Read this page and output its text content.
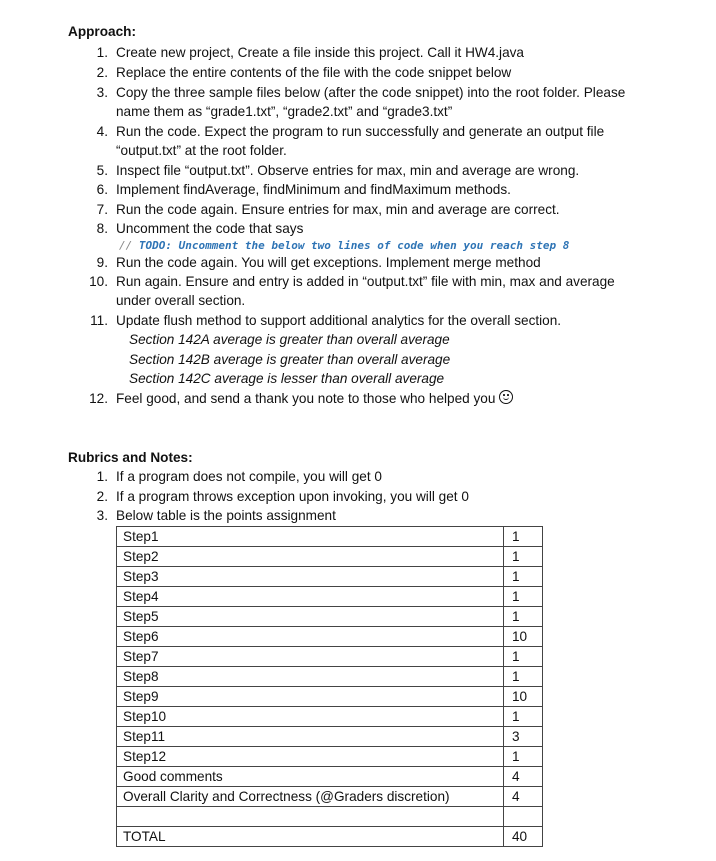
Approach:
1. Create new project, Create a file inside this project. Call it HW4.java
2. Replace the entire contents of the file with the code snippet below
3. Copy the three sample files below (after the code snippet) into the root folder. Please
name them as “grade1.txt”, “grade2.txt” and “grade3.txt”
4. Run the code. Expect the program to run successfully and generate an output file
“output.txt” at the root folder.
5. Inspect file “output.txt”. Observe entries for max, min and average are wrong.
6. Implement findAverage, findMinimum and findMaximum methods.
7. Run the code again. Ensure entries for max, min and average are correct.
8. Uncomment the code that says
// TODO: Uncomment the below two lines of code when you reach step 8
9. Run the code again. You will get exceptions. Implement merge method
10. Run again. Ensure and entry is added in “output.txt” file with min, max and average
under overall section.
11. Update flush method to support additional analytics for the overall section.
Section 142A average is greater than overall average
Section 142B average is greater than overall average
Section 142C average is lesser than overall average
12. Feel good, and send a thank you note to those who helped you
Rubrics and Notes:
1. If a program does not compile, you will get 0
2. If a program throws exception upon invoking, you will get 0
3. Below table is the points assignment
Step1	1
Step2	1
Step3	1
Step4	1
Step5	1
Step6	10
Step7	1
Step8	1
Step9	10
Step10	1
Step11	3
Step12	1
Good comments	4
Overall Clarity and Correctness (@Graders discretion)	4

TOTAL	40
